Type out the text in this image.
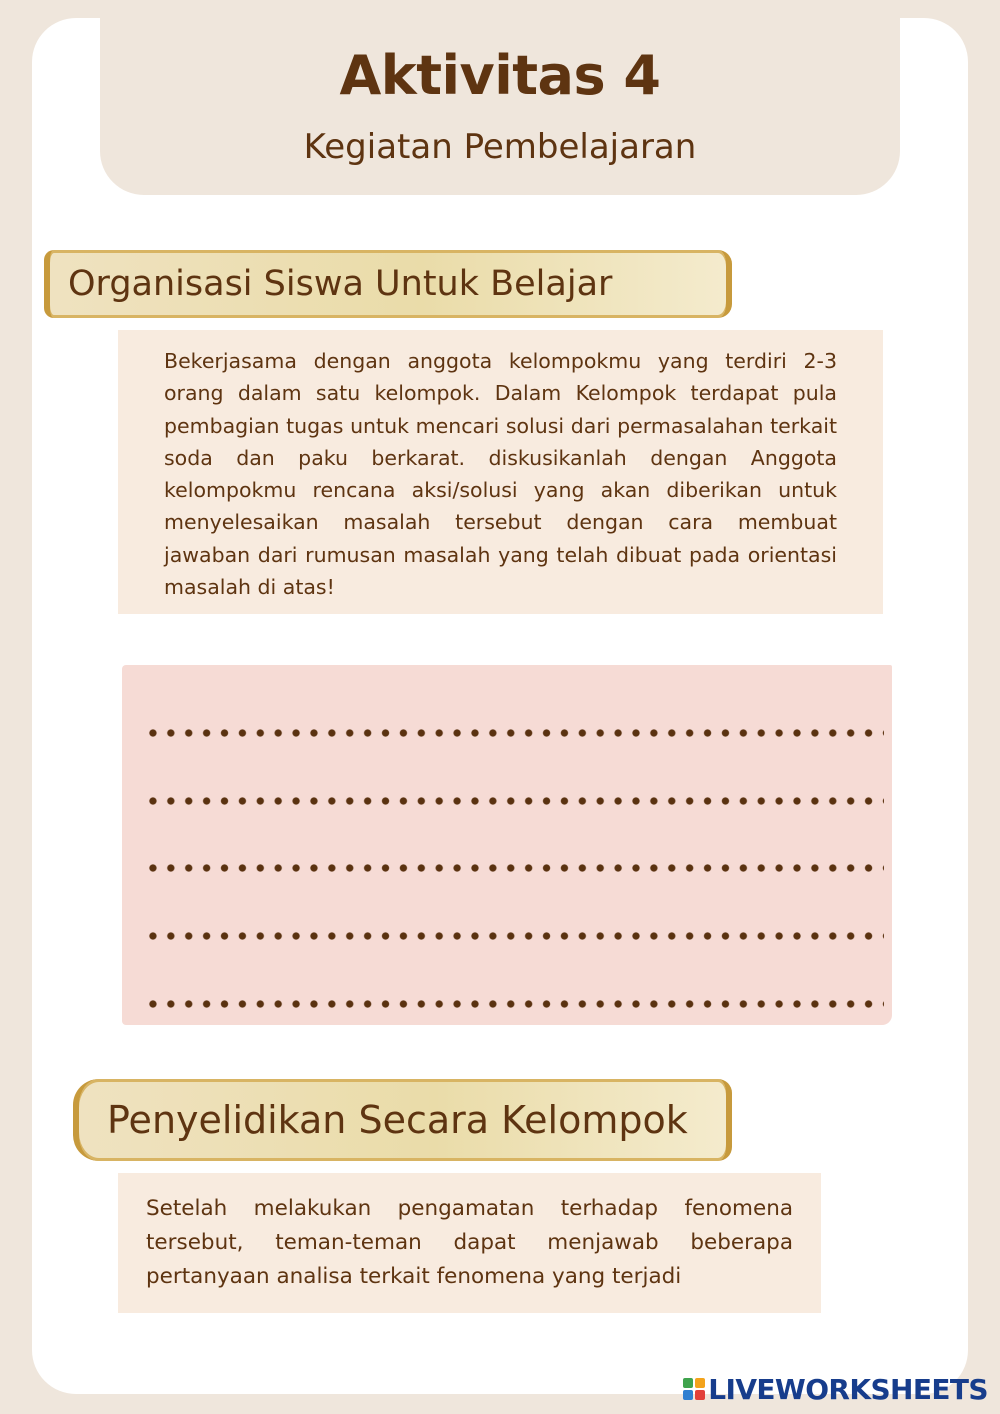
Aktivitas 4
Kegiatan Pembelajaran
Organisasi Siswa Untuk Belajar
Bekerjasama dengan anggota kelompokmu yang terdiri 2-3 orang dalam satu kelompok. Dalam Kelompok terdapat pula pembagian tugas untuk mencari solusi dari permasalahan terkait soda dan paku berkarat. diskusikanlah dengan Anggota kelompokmu rencana aksi/solusi yang akan diberikan untuk menyelesaikan masalah tersebut dengan cara membuat jawaban dari rumusan masalah yang telah dibuat pada orientasi masalah di atas!
Penyelidikan Secara Kelompok
Setelah melakukan pengamatan terhadap fenomena tersebut, teman-teman dapat menjawab beberapa pertanyaan analisa terkait fenomena yang terjadi
LIVEWORKSHEETS
